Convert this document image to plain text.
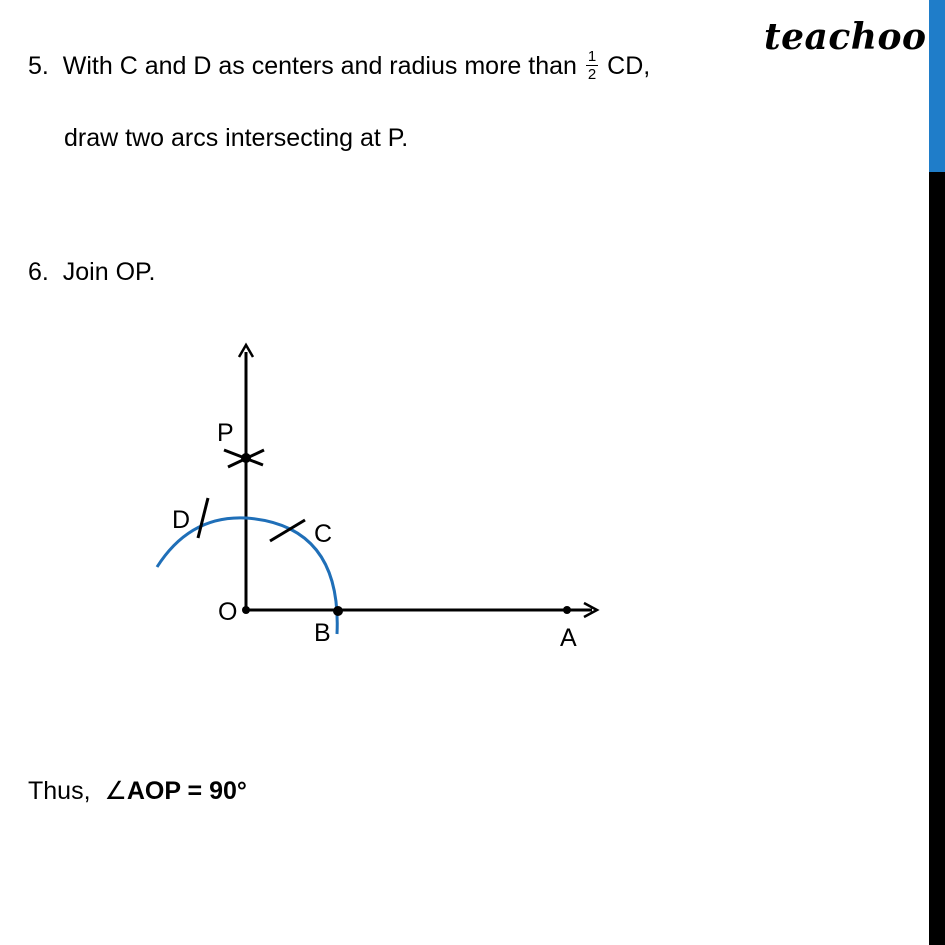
teachoo
5. With C and D as centers and radius more than $\frac{1}{2}$ CD,
draw two arcs intersecting at P.
6. Join OP.
P
D	C
O
B	A
Thus, ∠AOP = 90°
